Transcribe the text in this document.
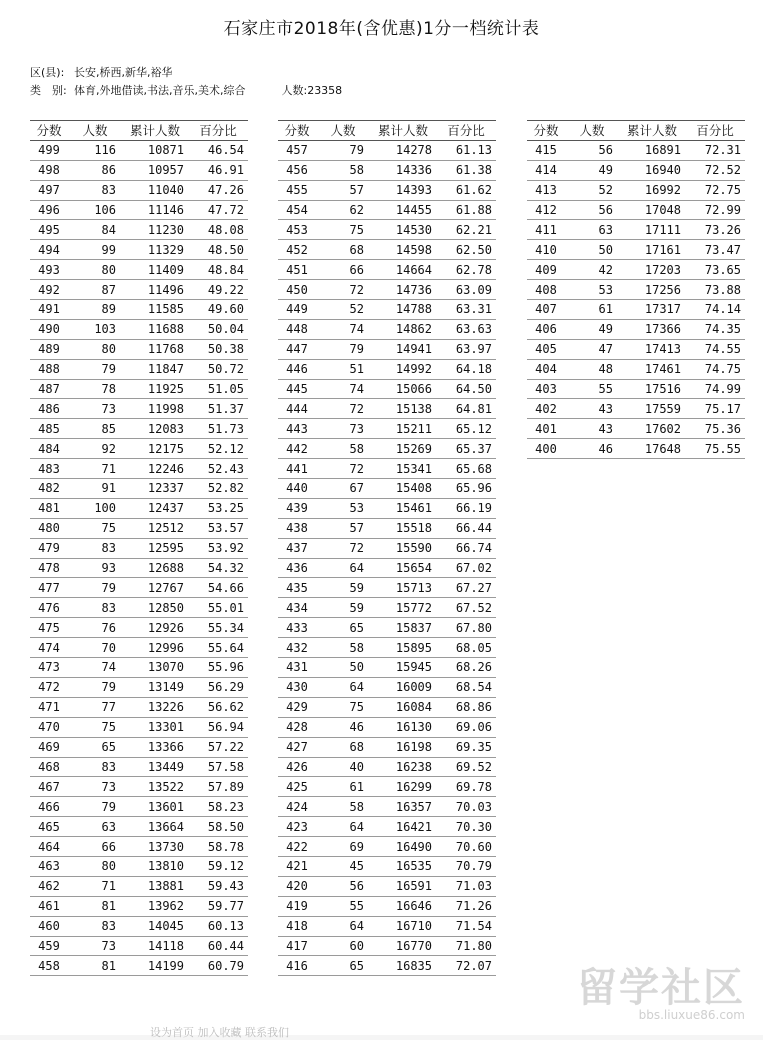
石家庄市2018年(含优惠)1分一档统计表
区(县): 长安,桥西,新华,裕华
类　别: 体育,外地借读,书法,音乐,美术,综合	人数:23358
分数	人数	累计人数	百分比
499	116	10871	46.54
498	86	10957	46.91
497	83	11040	47.26
496	106	11146	47.72
495	84	11230	48.08
494	99	11329	48.50
493	80	11409	48.84
492	87	11496	49.22
491	89	11585	49.60
490	103	11688	50.04
489	80	11768	50.38
488	79	11847	50.72
487	78	11925	51.05
486	73	11998	51.37
485	85	12083	51.73
484	92	12175	52.12
483	71	12246	52.43
482	91	12337	52.82
481	100	12437	53.25
480	75	12512	53.57
479	83	12595	53.92
478	93	12688	54.32
477	79	12767	54.66
476	83	12850	55.01
475	76	12926	55.34
474	70	12996	55.64
473	74	13070	55.96
472	79	13149	56.29
471	77	13226	56.62
470	75	13301	56.94
469	65	13366	57.22
468	83	13449	57.58
467	73	13522	57.89
466	79	13601	58.23
465	63	13664	58.50
464	66	13730	58.78
463	80	13810	59.12
462	71	13881	59.43
461	81	13962	59.77
460	83	14045	60.13
459	73	14118	60.44
458	81	14199	60.79
分数	人数	累计人数	百分比
457	79	14278	61.13
456	58	14336	61.38
455	57	14393	61.62
454	62	14455	61.88
453	75	14530	62.21
452	68	14598	62.50
451	66	14664	62.78
450	72	14736	63.09
449	52	14788	63.31
448	74	14862	63.63
447	79	14941	63.97
446	51	14992	64.18
445	74	15066	64.50
444	72	15138	64.81
443	73	15211	65.12
442	58	15269	65.37
441	72	15341	65.68
440	67	15408	65.96
439	53	15461	66.19
438	57	15518	66.44
437	72	15590	66.74
436	64	15654	67.02
435	59	15713	67.27
434	59	15772	67.52
433	65	15837	67.80
432	58	15895	68.05
431	50	15945	68.26
430	64	16009	68.54
429	75	16084	68.86
428	46	16130	69.06
427	68	16198	69.35
426	40	16238	69.52
425	61	16299	69.78
424	58	16357	70.03
423	64	16421	70.30
422	69	16490	70.60
421	45	16535	70.79
420	56	16591	71.03
419	55	16646	71.26
418	64	16710	71.54
417	60	16770	71.80
416	65	16835	72.07
分数	人数	累计人数	百分比
415	56	16891	72.31
414	49	16940	72.52
413	52	16992	72.75
412	56	17048	72.99
411	63	17111	73.26
410	50	17161	73.47
409	42	17203	73.65
408	53	17256	73.88
407	61	17317	74.14
406	49	17366	74.35
405	47	17413	74.55
404	48	17461	74.75
403	55	17516	74.99
402	43	17559	75.17
401	43	17602	75.36
400	46	17648	75.55
留学社区
bbs.liuxue86.com
设为首页 加入收藏 联系我们
